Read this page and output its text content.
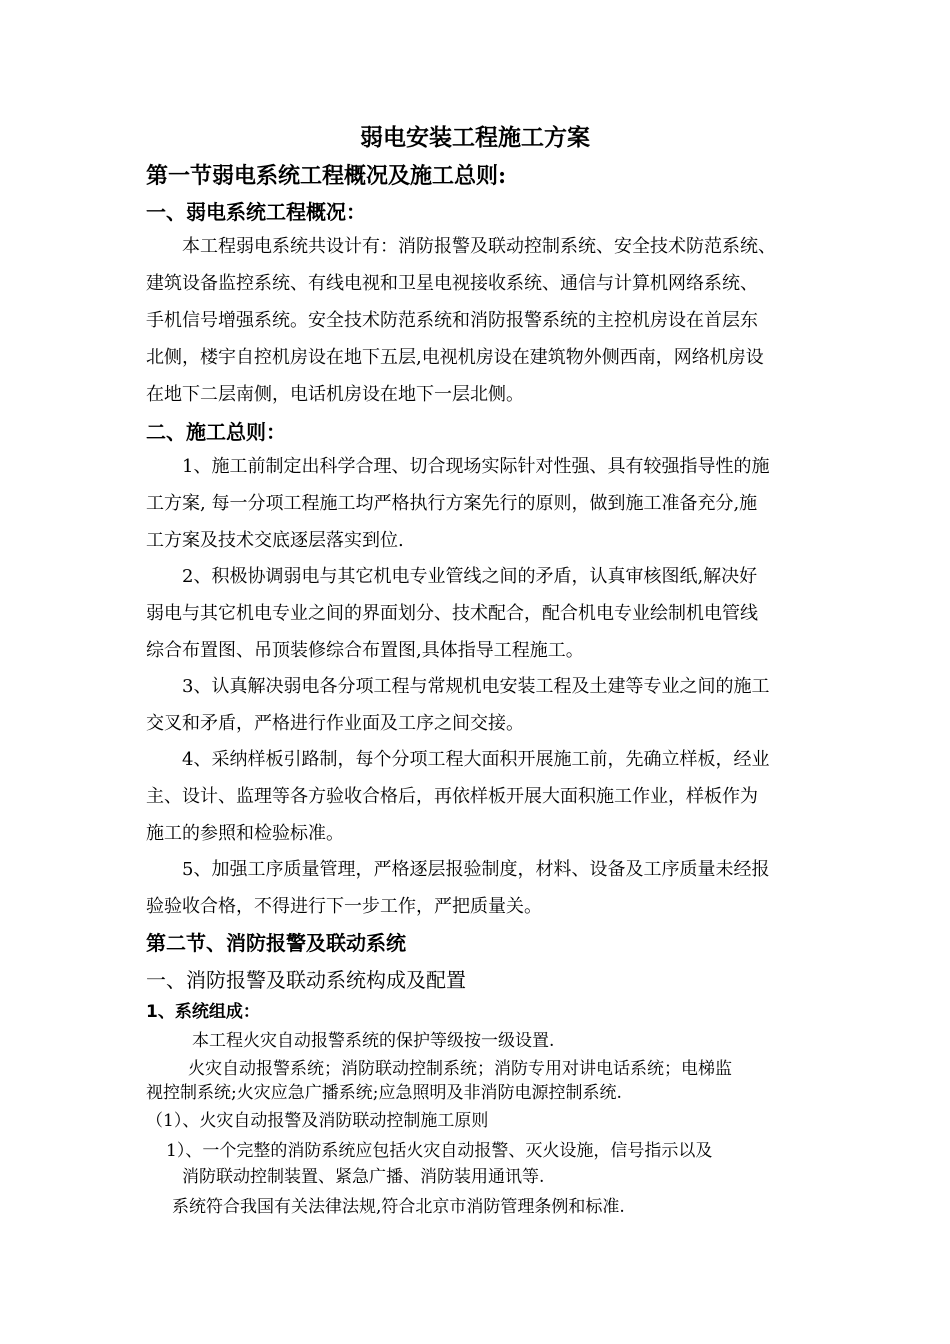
弱电安装工程施工方案
第一节弱电系统工程概况及施工总则:
一、弱电系统工程概况：
本工程弱电系统共设计有：消防报警及联动控制系统、安全技术防范系统、
建筑设备监控系统、有线电视和卫星电视接收系统、通信与计算机网络系统、
手机信号增强系统。安全技术防范系统和消防报警系统的主控机房设在首层东
北侧，楼宇自控机房设在地下五层,电视机房设在建筑物外侧西南，网络机房设
在地下二层南侧，电话机房设在地下一层北侧。
二、施工总则：
1、施工前制定出科学合理、切合现场实际针对性强、具有较强指导性的施
工方案, 每一分项工程施工均严格执行方案先行的原则，做到施工准备充分,施
工方案及技术交底逐层落实到位.
2、积极协调弱电与其它机电专业管线之间的矛盾，认真审核图纸,解决好
弱电与其它机电专业之间的界面划分、技术配合，配合机电专业绘制机电管线
综合布置图、吊顶装修综合布置图,具体指导工程施工。
3、认真解决弱电各分项工程与常规机电安装工程及土建等专业之间的施工
交叉和矛盾，严格进行作业面及工序之间交接。
4、采纳样板引路制，每个分项工程大面积开展施工前，先确立样板，经业
主、设计、监理等各方验收合格后，再依样板开展大面积施工作业，样板作为
施工的参照和检验标准。
5、加强工序质量管理，严格逐层报验制度，材料、设备及工序质量未经报
验验收合格，不得进行下一步工作，严把质量关。
第二节、消防报警及联动系统
一、消防报警及联动系统构成及配置
1、系统组成：
本工程火灾自动报警系统的保护等级按一级设置.
火灾自动报警系统；消防联动控制系统；消防专用对讲电话系统；电梯监
视控制系统;火灾应急广播系统;应急照明及非消防电源控制系统.
（1）、火灾自动报警及消防联动控制施工原则
1）、一个完整的消防系统应包括火灾自动报警、灭火设施，信号指示以及
消防联动控制装置、紧急广播、消防装用通讯等.
系统符合我国有关法律法规,符合北京市消防管理条例和标准.
